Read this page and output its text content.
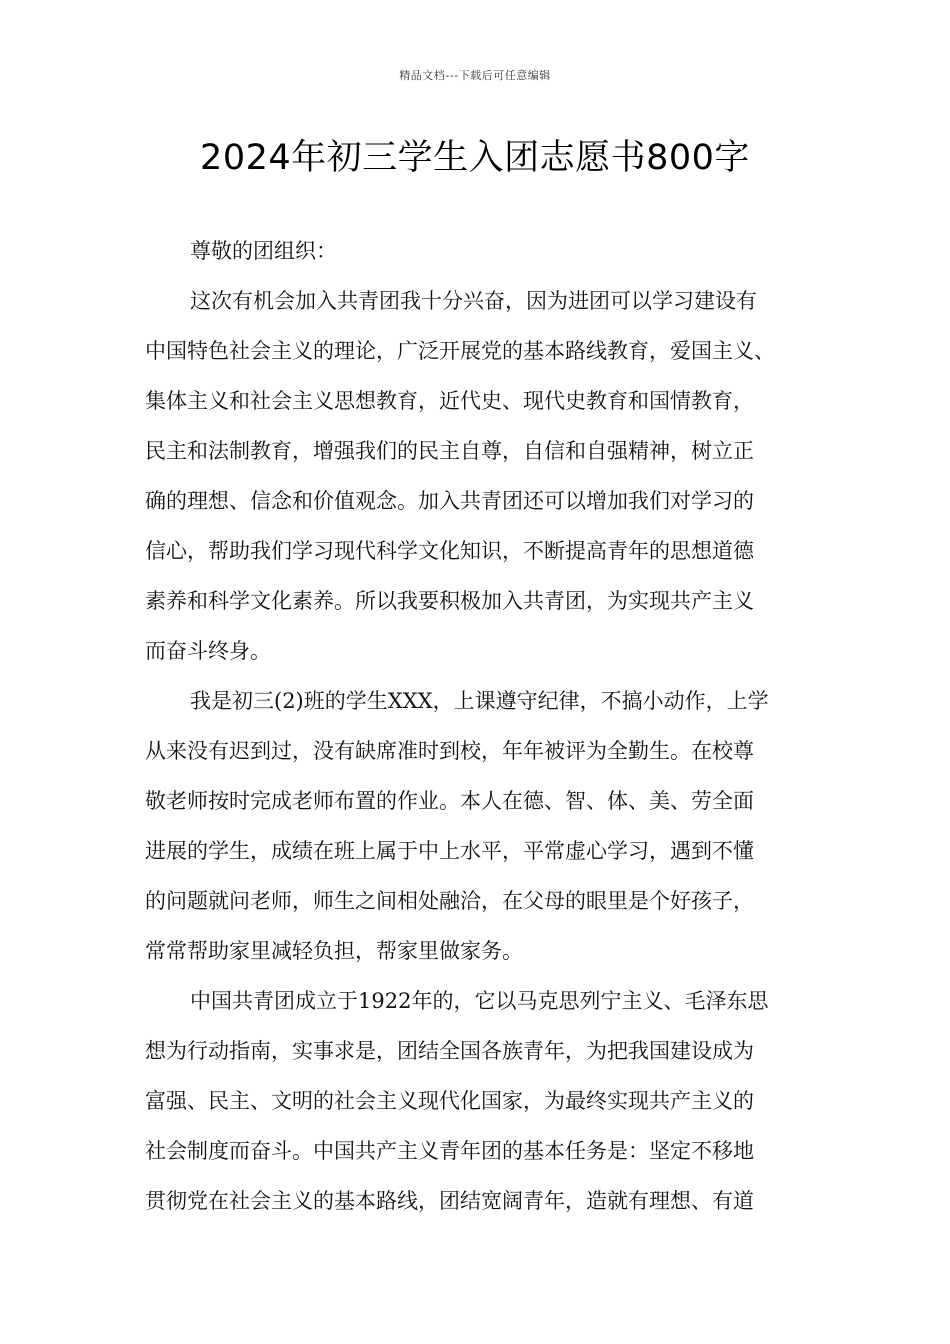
精品文档---下载后可任意编辑
2024年初三学生入团志愿书800字

尊敬的团组织：

这次有机会加入共青团我十分兴奋，因为进团可以学习建设有

中国特色社会主义的理论，广泛开展党的基本路线教育，爱国主义、

集体主义和社会主义思想教育，近代史、现代史教育和国情教育，

民主和法制教育，增强我们的民主自尊，自信和自强精神，树立正

确的理想、信念和价值观念。加入共青团还可以增加我们对学习的

信心，帮助我们学习现代科学文化知识，不断提高青年的思想道德

素养和科学文化素养。所以我要积极加入共青团，为实现共产主义

而奋斗终身。

我是初三(2)班的学生XXX，上课遵守纪律，不搞小动作，上学

从来没有迟到过，没有缺席准时到校，年年被评为全勤生。在校尊

敬老师按时完成老师布置的作业。本人在德、智、体、美、劳全面

进展的学生，成绩在班上属于中上水平，平常虚心学习，遇到不懂

的问题就问老师，师生之间相处融洽，在父母的眼里是个好孩子，

常常帮助家里减轻负担，帮家里做家务。

中国共青团成立于1922年的，它以马克思列宁主义、毛泽东思

想为行动指南，实事求是，团结全国各族青年，为把我国建设成为

富强、民主、文明的社会主义现代化国家，为最终实现共产主义的

社会制度而奋斗。中国共产主义青年团的基本任务是：坚定不移地

贯彻党在社会主义的基本路线，团结宽阔青年，造就有理想、有道
